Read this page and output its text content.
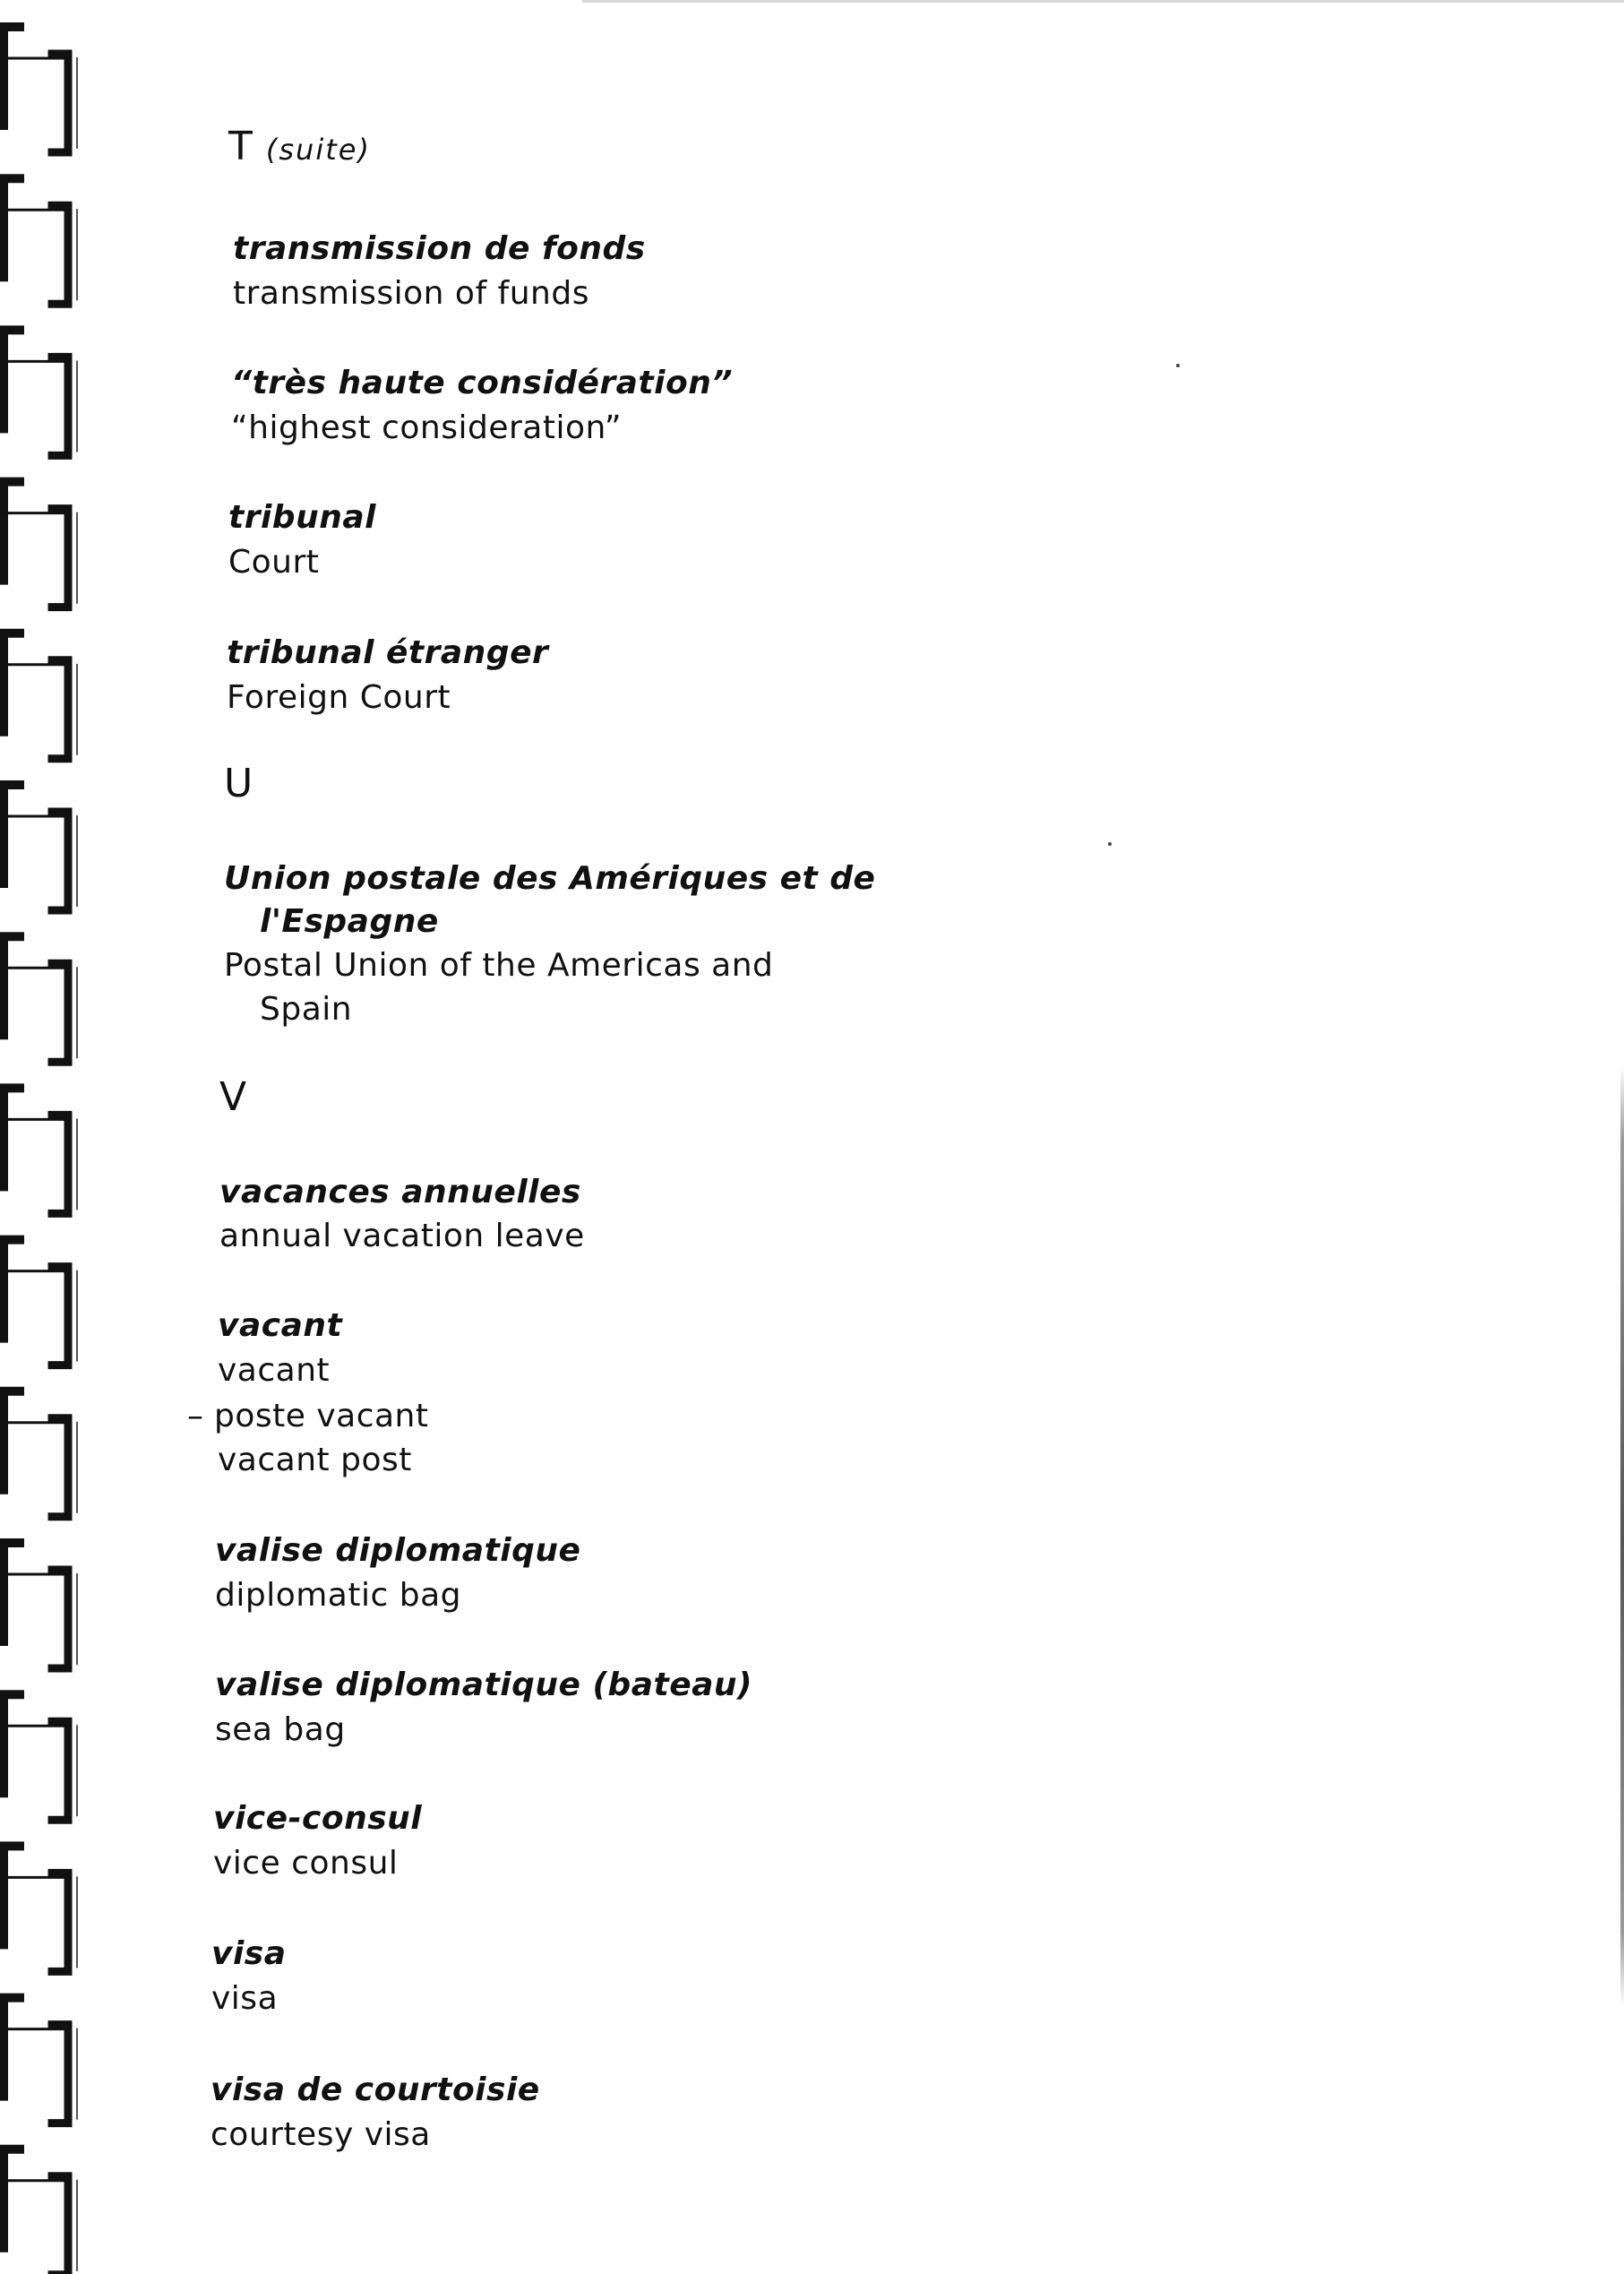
T (suite)
transmission de fonds
transmission of funds
“très haute considération”
“highest consideration”
tribunal
Court
tribunal étranger
Foreign Court
U
Union postale des Amériques et de
l'Espagne
Postal Union of the Americas and
Spain
V
vacances annuelles
annual vacation leave
vacant
vacant
– poste vacant
vacant post
valise diplomatique
diplomatic bag
valise diplomatique (bateau)
sea bag
vice-consul
vice consul
visa
visa
visa de courtoisie
courtesy visa
